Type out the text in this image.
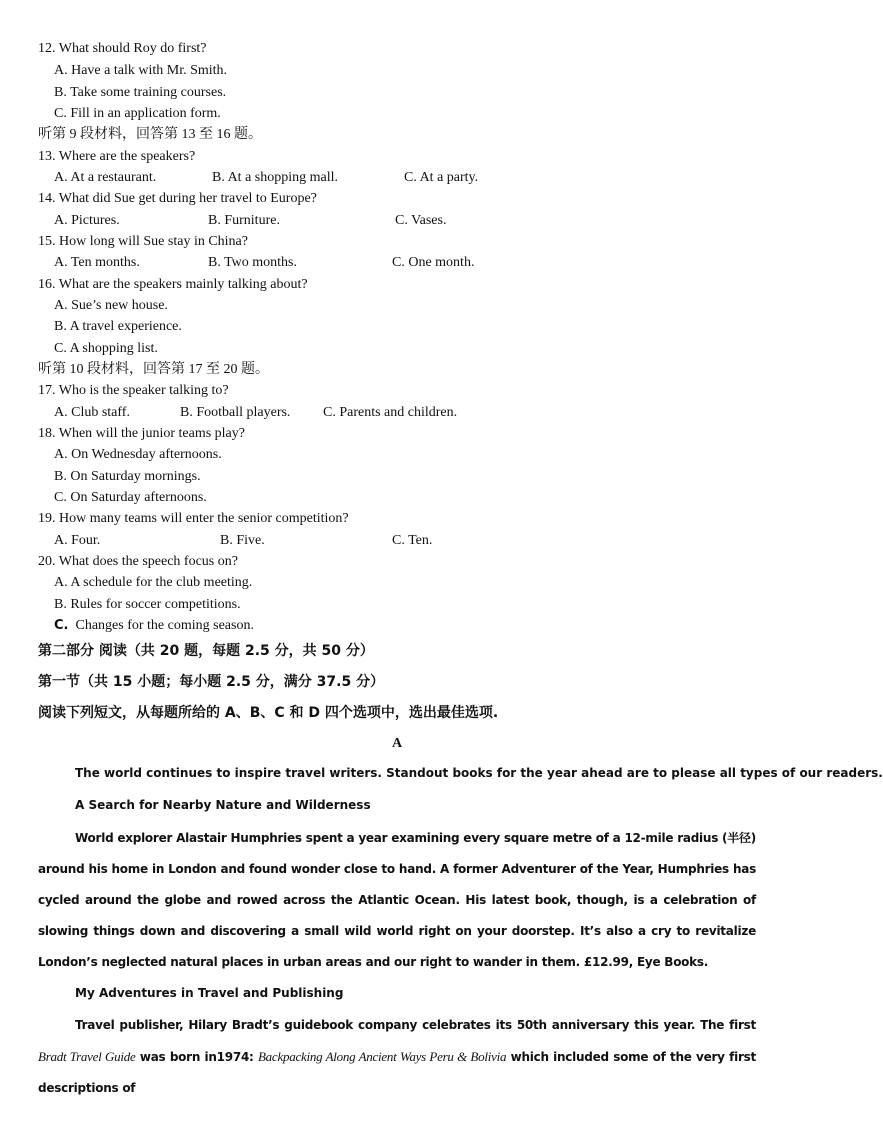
12. What should Roy do first?
A. Have a talk with Mr. Smith.
B. Take some training courses.
C. Fill in an application form.
听第 9 段材料，回答第 13 至 16 题。
13. Where are the speakers?
A. At a restaurant.	B. At a shopping mall.	C. At a party.
14. What did Sue get during her travel to Europe?
A. Pictures.	B. Furniture.	C. Vases.
15. How long will Sue stay in China?
A. Ten months.	B. Two months.	C. One month.
16. What are the speakers mainly talking about?
A. Sue’s new house.
B. A travel experience.
C. A shopping list.
听第 10 段材料，回答第 17 至 20 题。
17. Who is the speaker talking to?
A. Club staff.	B. Football players. C. Parents and children.
18. When will the junior teams play?
A. On Wednesday afternoons.
B. On Saturday mornings.
C. On Saturday afternoons.
19. How many teams will enter the senior competition?
A. Four.	B. Five.	C. Ten.
20. What does the speech focus on?
A. A schedule for the club meeting.
B. Rules for soccer competitions.
C. Changes for the coming season.
第二部分 阅读（共 20 题，每题 2.5 分，共 50 分）
第一节（共 15 小题；每小题 2.5 分，满分 37.5 分）
阅读下列短文，从每题所给的 A、B、C 和 D 四个选项中，选出最佳选项.
A
The world continues to inspire travel writers. Standout books for the year ahead are to please all types of our readers.
A Search for Nearby Nature and Wilderness
World explorer Alastair Humphries spent a year examining every square metre of a 12-mile radius (半径) around his home in London and found wonder close to hand. A former Adventurer of the Year, Humphries has cycled around the globe and rowed across the Atlantic Ocean. His latest book, though, is a celebration of slowing things down and discovering a small wild world right on your doorstep. It’s also a cry to revitalize London’s neglected natural places in urban areas and our right to wander in them. £12.99, Eye Books.
My Adventures in Travel and Publishing
Travel publisher, Hilary Bradt’s guidebook company celebrates its 50th anniversary this year. The first Bradt Travel Guide was born in1974: Backpacking Along Ancient Ways Peru & Bolivia which included some of the very first descriptions of
